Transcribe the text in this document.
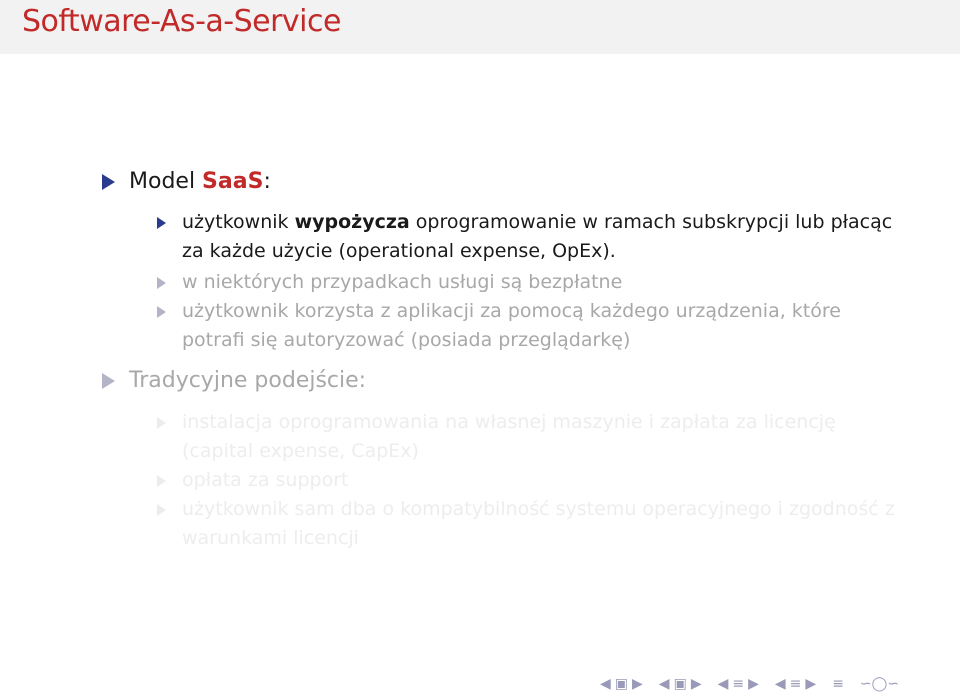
Software-As-a-Service
Model SaaS :
użytkownik wypożycza oprogramowanie w ramach subskrypcji lub płacąc za każde użycie (operational expense, OpEx).
w niektórych przypadkach usługi są bezpłatne
użytkownik korzysta z aplikacji za pomocą każdego urządzenia, które potrafi się autoryzować (posiada przeglądarkę)
Tradycyjne podejście:
instalacja oprogramowania na własnej maszynie i zapłata za licencję (capital expense, CapEx)
opłata za support
użytkownik sam dba o kompatybilność systemu operacyjnego i zgodność z warunkami licencji
◀ ▣ ▶ ◀ ▣ ▶ ◀ ≡ ▶ ◀ ≡ ▶ ≡ ∽◯∽
